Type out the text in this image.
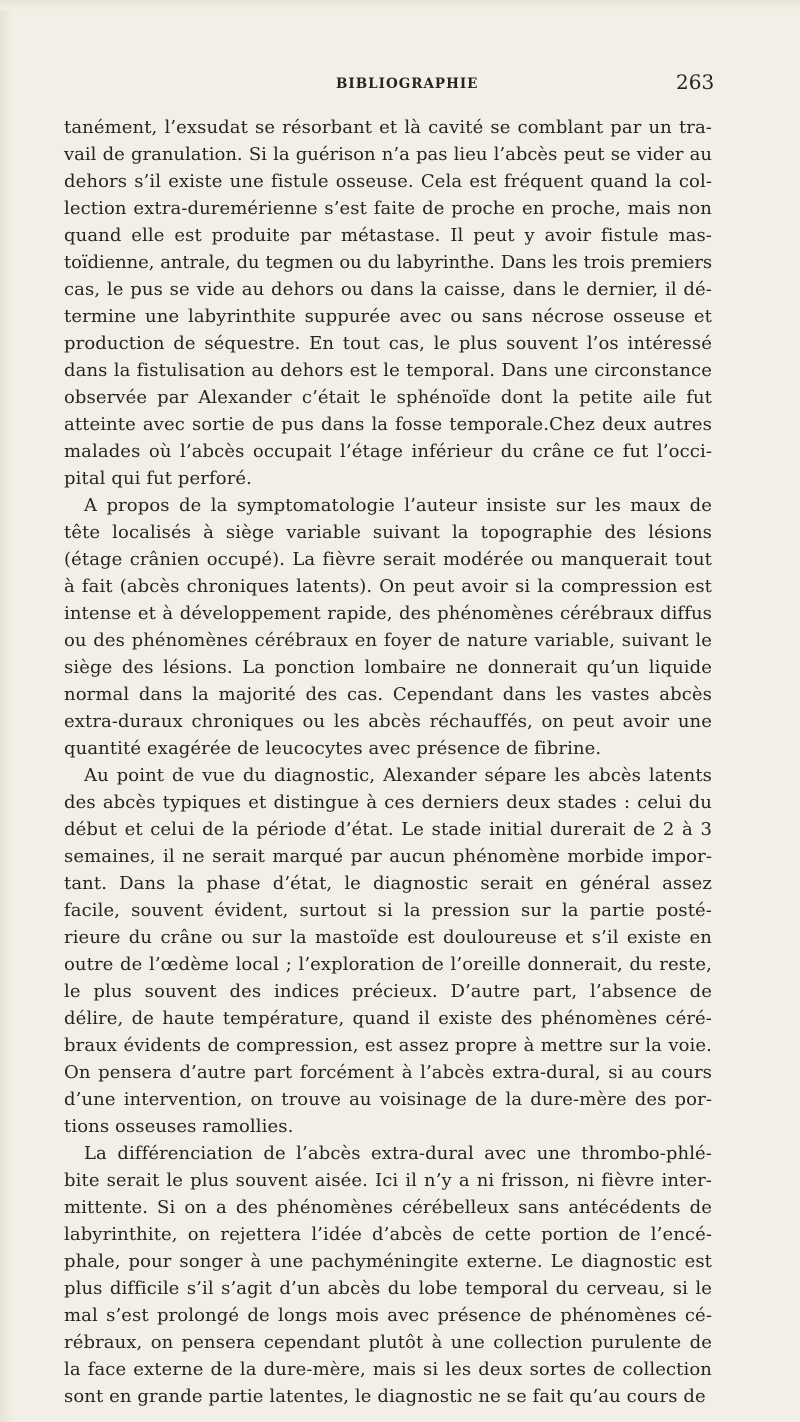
BIBLIOGRAPHIE	263
tanément, l’exsudat se résorbant et là cavité se comblant par un tra-
vail de granulation. Si la guérison n’a pas lieu l’abcès peut se vider au
dehors s’il existe une fistule osseuse. Cela est fréquent quand la col-
lection extra-duremérienne s’est faite de proche en proche, mais non
quand elle est produite par métastase. Il peut y avoir fistule mas-
toïdienne, antrale, du tegmen ou du labyrinthe. Dans les trois premiers
cas, le pus se vide au dehors ou dans la caisse, dans le dernier, il dé-
termine une labyrinthite suppurée avec ou sans nécrose osseuse et
production de séquestre. En tout cas, le plus souvent l’os intéressé
dans la fistulisation au dehors est le temporal. Dans une circonstance
observée par Alexander c’était le sphénoïde dont la petite aile fut
atteinte avec sortie de pus dans la fosse temporale.Chez deux autres
malades où l’abcès occupait l’étage inférieur du crâne ce fut l’occi-
pital qui fut perforé.
A propos de la symptomatologie l’auteur insiste sur les maux de
tête localisés à siège variable suivant la topographie des lésions
(étage crânien occupé). La fièvre serait modérée ou manquerait tout
à fait (abcès chroniques latents). On peut avoir si la compression est
intense et à développement rapide, des phénomènes cérébraux diffus
ou des phénomènes cérébraux en foyer de nature variable, suivant le
siège des lésions. La ponction lombaire ne donnerait qu’un liquide
normal dans la majorité des cas. Cependant dans les vastes abcès
extra-duraux chroniques ou les abcès réchauffés, on peut avoir une
quantité exagérée de leucocytes avec présence de fibrine.
Au point de vue du diagnostic, Alexander sépare les abcès latents
des abcès typiques et distingue à ces derniers deux stades : celui du
début et celui de la période d’état. Le stade initial durerait de 2 à 3
semaines, il ne serait marqué par aucun phénomène morbide impor-
tant. Dans la phase d’état, le diagnostic serait en général assez
facile, souvent évident, surtout si la pression sur la partie posté-
rieure du crâne ou sur la mastoïde est douloureuse et s’il existe en
outre de l’œdème local ; l’exploration de l’oreille donnerait, du reste,
le plus souvent des indices précieux. D’autre part, l’absence de
délire, de haute température, quand il existe des phénomènes céré-
braux évidents de compression, est assez propre à mettre sur la voie.
On pensera d’autre part forcément à l’abcès extra-dural, si au cours
d’une intervention, on trouve au voisinage de la dure-mère des por-
tions osseuses ramollies.
La différenciation de l’abcès extra-dural avec une thrombo-phlé-
bite serait le plus souvent aisée. Ici il n’y a ni frisson, ni fièvre inter-
mittente. Si on a des phénomènes cérébelleux sans antécédents de
labyrinthite, on rejettera l’idée d’abcès de cette portion de l’encé-
phale, pour songer à une pachyméningite externe. Le diagnostic est
plus difficile s’il s’agit d’un abcès du lobe temporal du cerveau, si le
mal s’est prolongé de longs mois avec présence de phénomènes cé-
rébraux, on pensera cependant plutôt à une collection purulente de
la face externe de la dure-mère, mais si les deux sortes de collection
sont en grande partie latentes, le diagnostic ne se fait qu’au cours de
